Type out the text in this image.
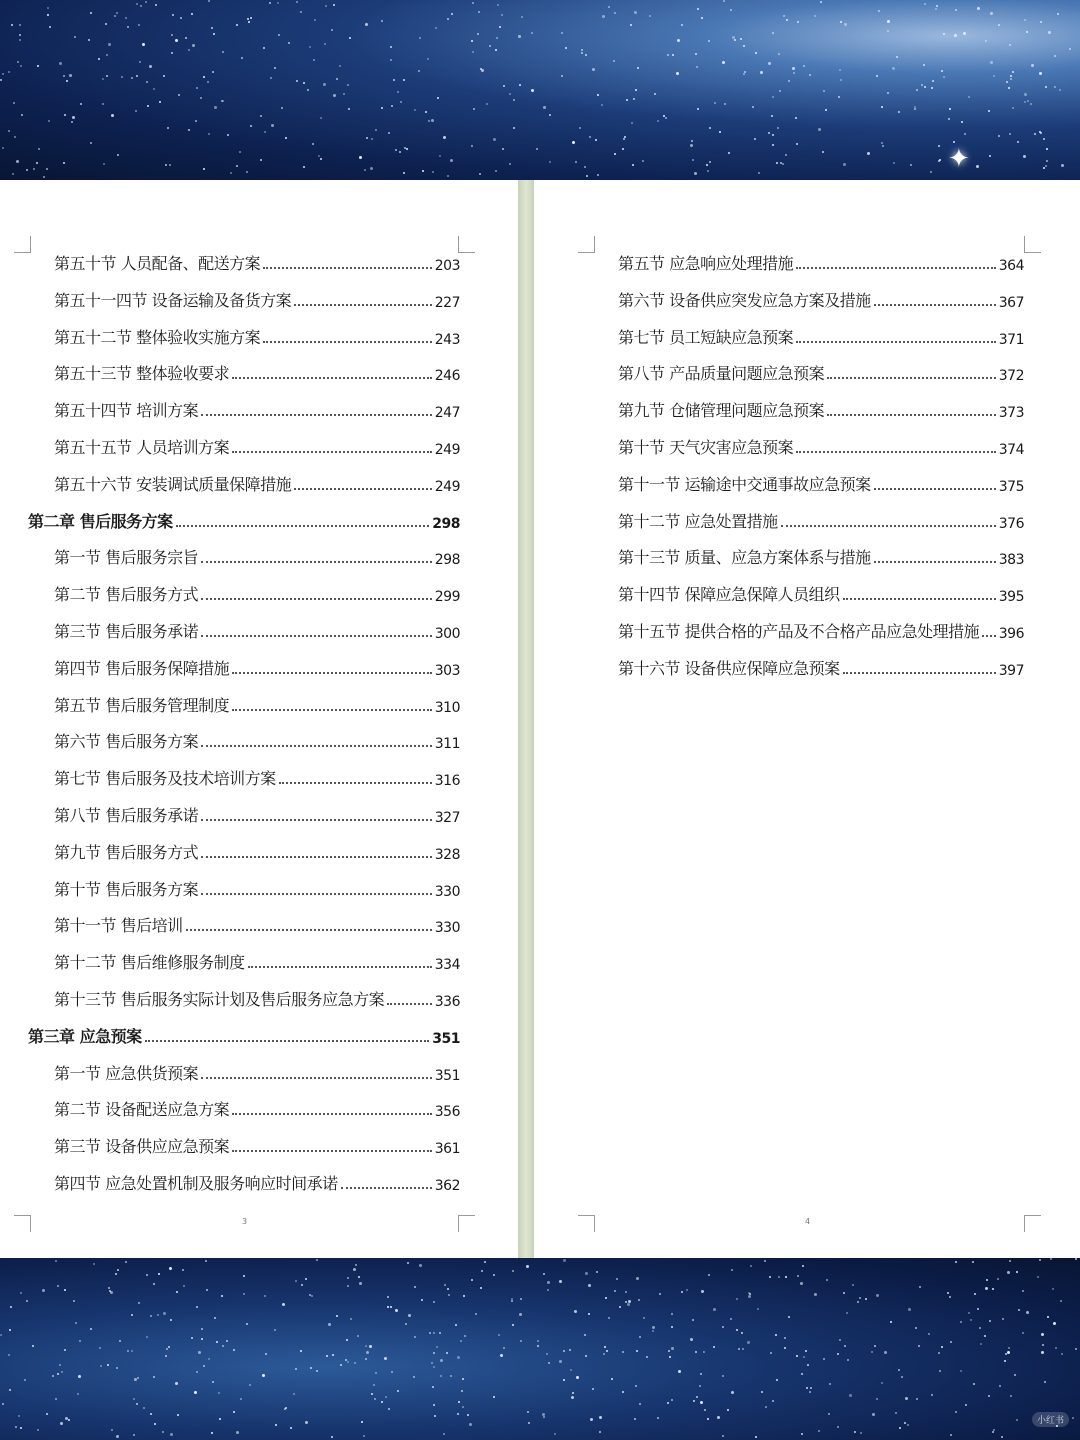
✦
第五十节 人员配备、配送方案	203
第五十一四节 设备运输及备货方案	227
第五十二节 整体验收实施方案	243
第五十三节 整体验收要求	246
第五十四节 培训方案	247
第五十五节 人员培训方案	249
第五十六节 安装调试质量保障措施	249
第二章 售后服务方案	298
第一节 售后服务宗旨	298
第二节 售后服务方式	299
第三节 售后服务承诺	300
第四节 售后服务保障措施	303
第五节 售后服务管理制度	310
第六节 售后服务方案	311
第七节 售后服务及技术培训方案	316
第八节 售后服务承诺	327
第九节 售后服务方式	328
第十节 售后服务方案	330
第十一节 售后培训	330
第十二节 售后维修服务制度	334
第十三节 售后服务实际计划及售后服务应急方案	336
第三章 应急预案	351
第一节 应急供货预案	351
第二节 设备配送应急方案	356
第三节 设备供应应急预案	361
第四节 应急处置机制及服务响应时间承诺	362
3
第五节 应急响应处理措施	364
第六节 设备供应突发应急方案及措施	367
第七节 员工短缺应急预案	371
第八节 产品质量问题应急预案	372
第九节 仓储管理问题应急预案	373
第十节 天气灾害应急预案	374
第十一节 运输途中交通事故应急预案	375
第十二节 应急处置措施	376
第十三节 质量、应急方案体系与措施	383
第十四节 保障应急保障人员组织	395
第十五节 提供合格的产品及不合格产品应急处理措施 396
第十六节 设备供应保障应急预案	397
4
小红书
